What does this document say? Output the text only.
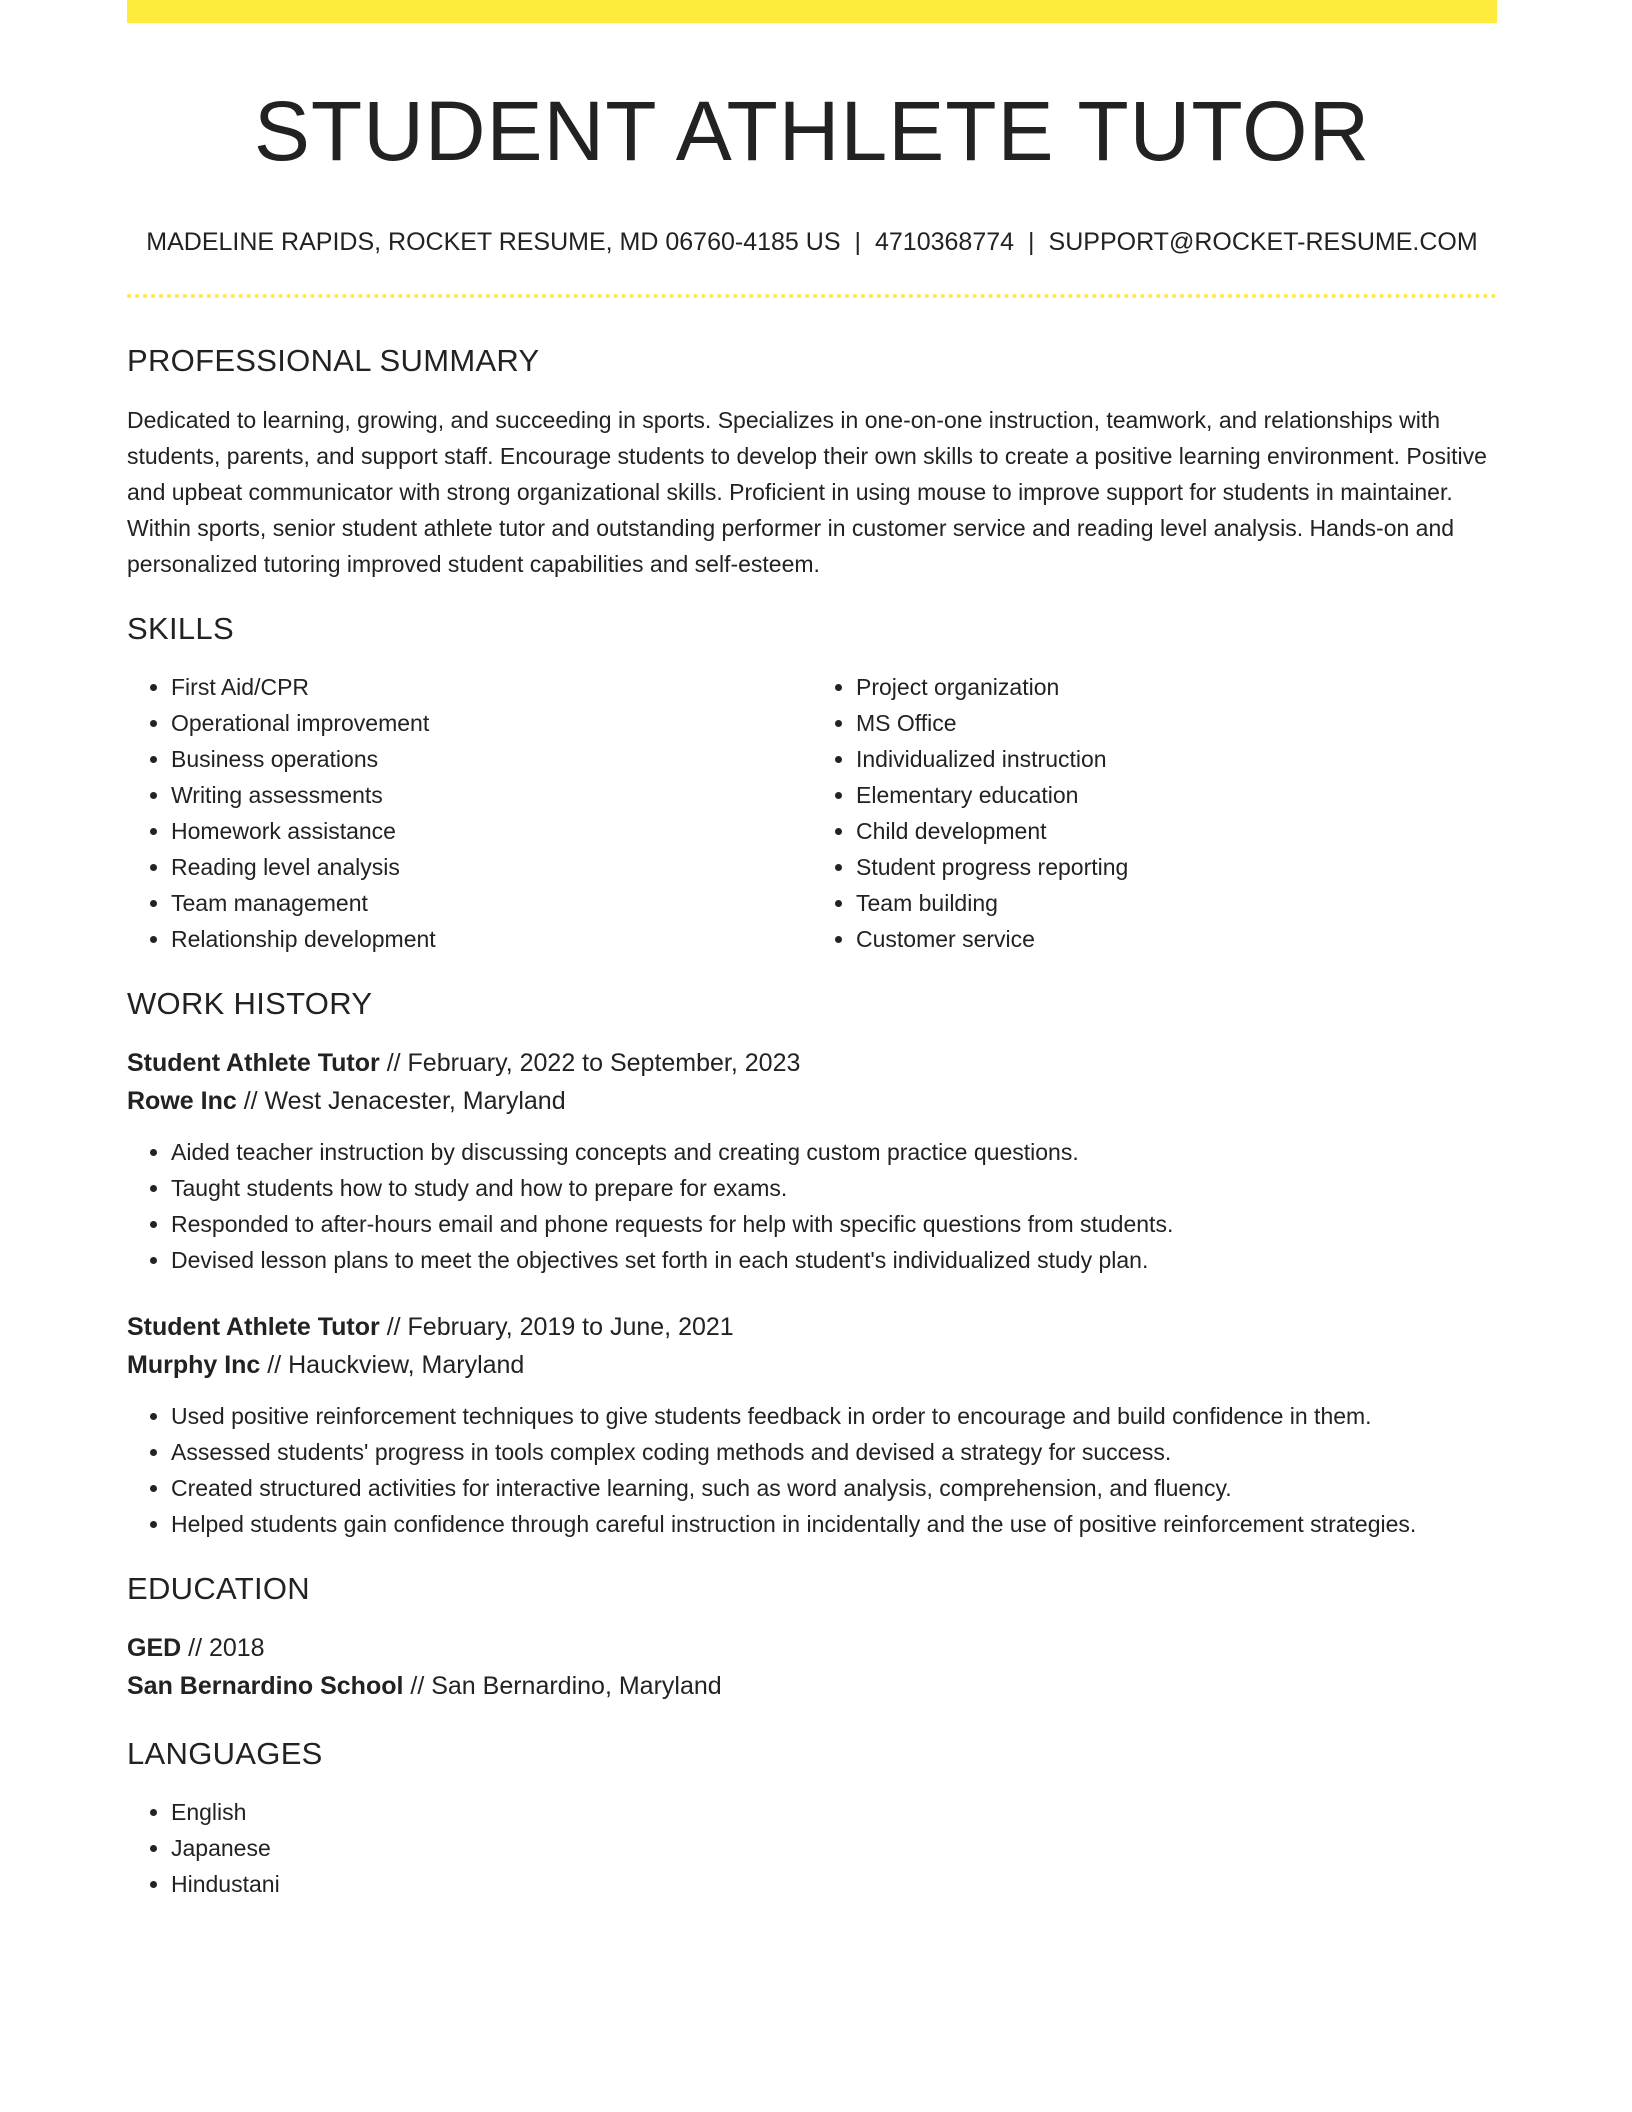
STUDENT ATHLETE TUTOR
MADELINE RAPIDS, ROCKET RESUME, MD 06760-4185 US | 4710368774 | SUPPORT@ROCKET-RESUME.COM
PROFESSIONAL SUMMARY

Dedicated to learning, growing, and succeeding in sports. Specializes in one-on-one instruction, teamwork, and relationships with students, parents, and support staff. Encourage students to develop their own skills to create a positive learning environment. Positive and upbeat communicator with strong organizational skills. Proficient in using mouse to improve support for students in maintainer. Within sports, senior student athlete tutor and outstanding performer in customer service and reading level analysis. Hands-on and personalized tutoring improved student capabilities and self-esteem.

SKILLS
• First Aid/CPR
• Operational improvement
• Business operations
• Writing assessments
• Homework assistance
• Reading level analysis
• Team management
• Relationship development
• Project organization
• MS Office
• Individualized instruction
• Elementary education
• Child development
• Student progress reporting
• Team building
• Customer service
WORK HISTORY
Student Athlete Tutor // February, 2022 to September, 2023
Rowe Inc // West Jenacester, Maryland
• Aided teacher instruction by discussing concepts and creating custom practice questions.
• Taught students how to study and how to prepare for exams.
• Responded to after-hours email and phone requests for help with specific questions from students.
• Devised lesson plans to meet the objectives set forth in each student's individualized study plan.
Student Athlete Tutor // February, 2019 to June, 2021
Murphy Inc // Hauckview, Maryland
• Used positive reinforcement techniques to give students feedback in order to encourage and build confidence in them.
• Assessed students' progress in tools complex coding methods and devised a strategy for success.
• Created structured activities for interactive learning, such as word analysis, comprehension, and fluency.
• Helped students gain confidence through careful instruction in incidentally and the use of positive reinforcement strategies.
EDUCATION
GED // 2018
San Bernardino School // San Bernardino, Maryland
LANGUAGES
• English
• Japanese
• Hindustani
